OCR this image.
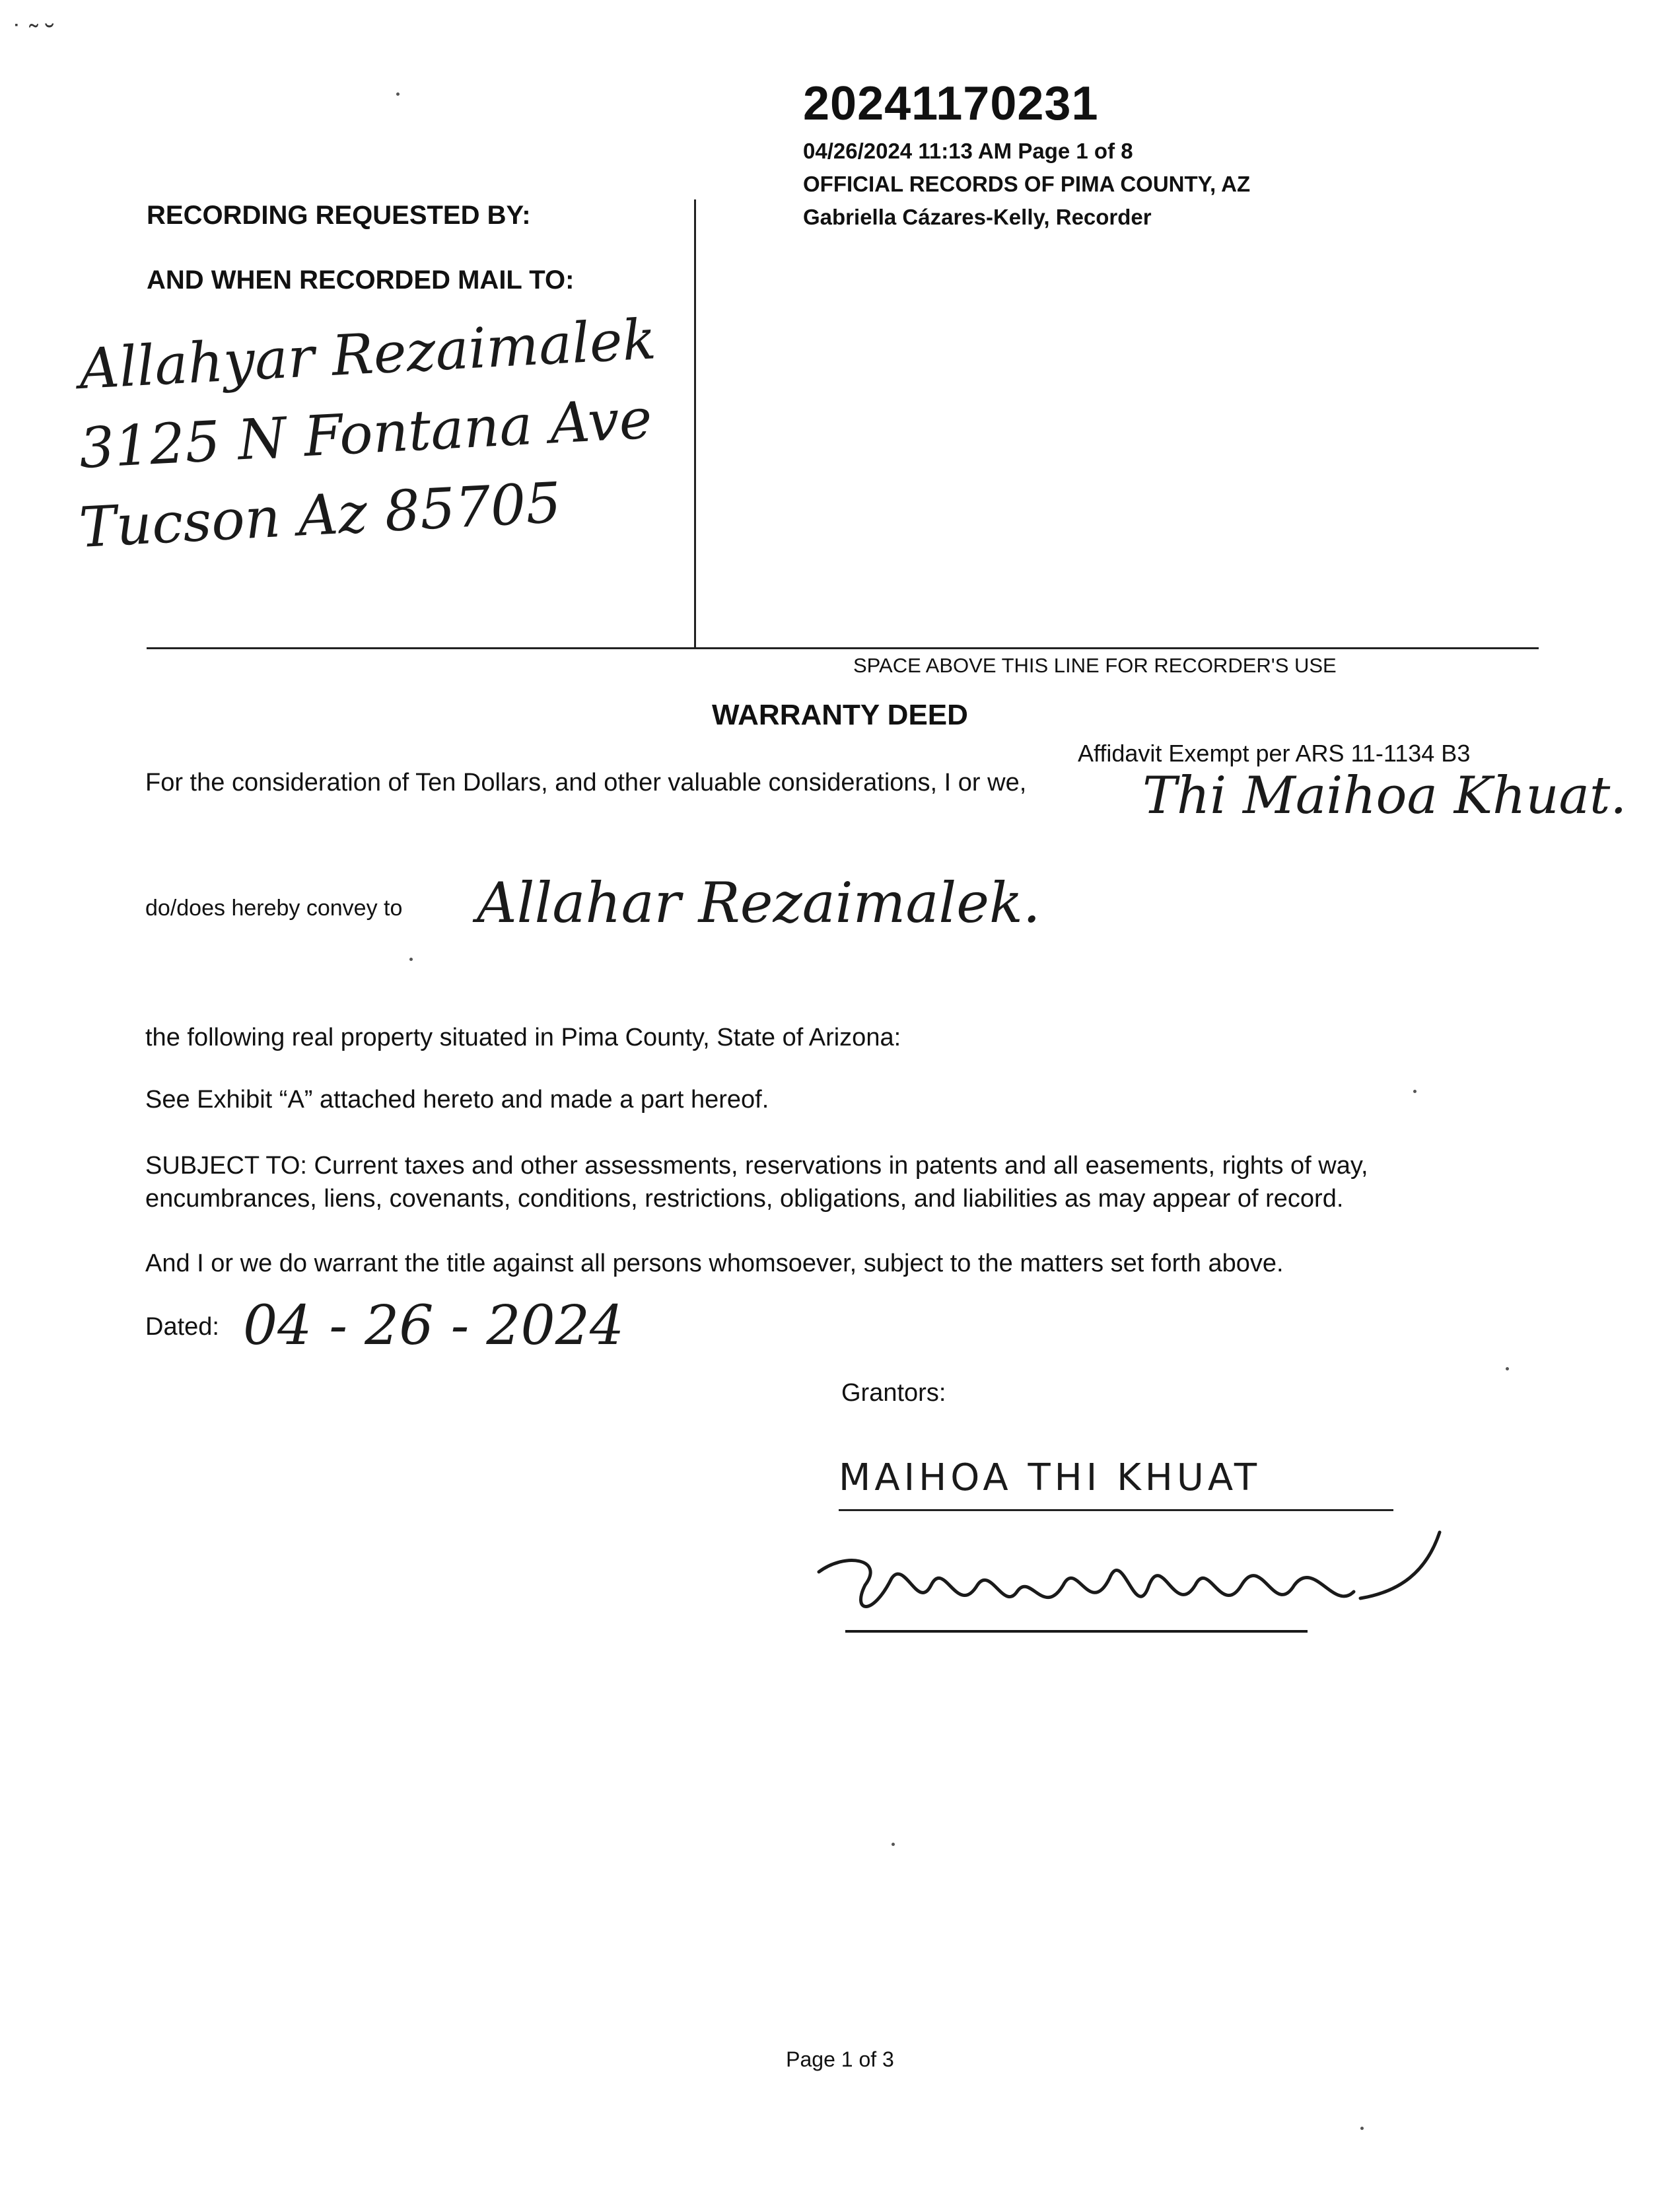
20241170231
04/26/2024 11:13 AM Page 1 of 8
OFFICIAL RECORDS OF PIMA COUNTY, AZ
Gabriella Cázares-Kelly, Recorder
RECORDING REQUESTED BY:
AND WHEN RECORDED MAIL TO:
Allahyar Rezaimalek
3125 N Fontana Ave
Tucson Az 85705
SPACE ABOVE THIS LINE FOR RECORDER'S USE
WARRANTY DEED
Affidavit Exempt per ARS 11-1134 B3
For the consideration of Ten Dollars, and other valuable considerations, I or we, Thi Maihoa Khuat.
do/does hereby convey to Allahar Rezaimalek.
the following real property situated in Pima County, State of Arizona:
See Exhibit “A” attached hereto and made a part hereof.
SUBJECT TO: Current taxes and other assessments, reservations in patents and all easements, rights of way,
encumbrances, liens, covenants, conditions, restrictions, obligations, and liabilities as may appear of record.
And I or we do warrant the title against all persons whomsoever, subject to the matters set forth above.
Dated: 04 - 26 - 2024
Grantors:
MAIHOA THI KHUAT
˙ ˜ ˘
Page 1 of 3
